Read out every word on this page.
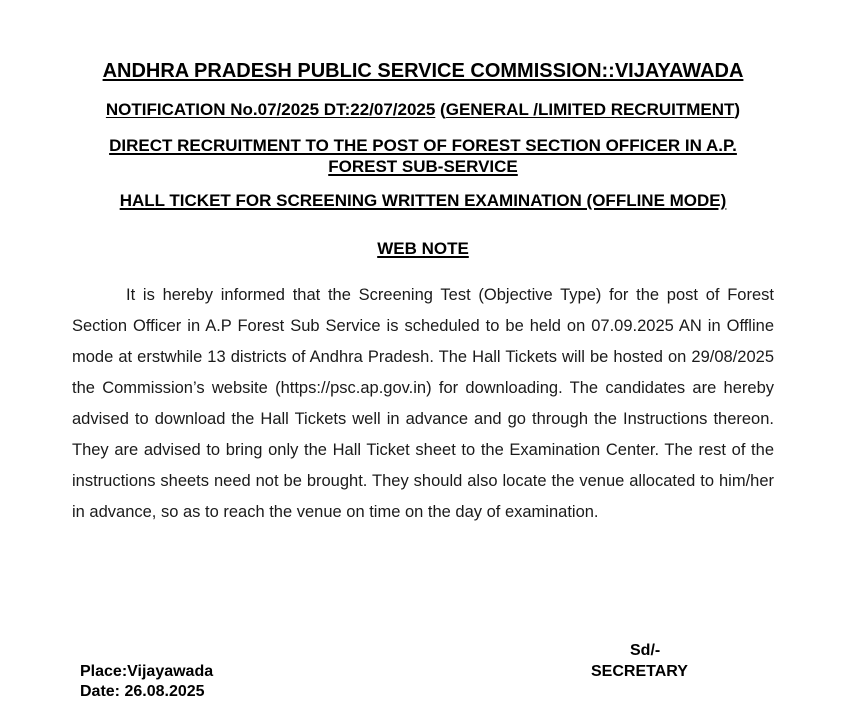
ANDHRA PRADESH PUBLIC SERVICE COMMISSION::VIJAYAWADA
NOTIFICATION No.07/2025 DT:22/07/2025 (GENERAL /LIMITED RECRUITMENT)
DIRECT RECRUITMENT TO THE POST OF FOREST SECTION OFFICER IN A.P.
FOREST SUB-SERVICE
HALL TICKET FOR SCREENING WRITTEN EXAMINATION (OFFLINE MODE)
WEB NOTE

It is hereby informed that the Screening Test (Objective Type) for the post of Forest Section Officer in A.P Forest Sub Service is scheduled to be held on 07.09.2025 AN in Offline mode at erstwhile 13 districts of Andhra Pradesh. The Hall Tickets will be hosted on 29/08/2025 the Commission’s website (https://psc.ap.gov.in) for downloading. The candidates are hereby advised to download the Hall Tickets well in advance and go through the Instructions thereon. They are advised to bring only the Hall Ticket sheet to the Examination Center. The rest of the instructions sheets need not be brought. They should also locate the venue allocated to him/her in advance, so as to reach the venue on time on the day of examination.

Sd/-
SECRETARY
Place:Vijayawada
Date: 26.08.2025
